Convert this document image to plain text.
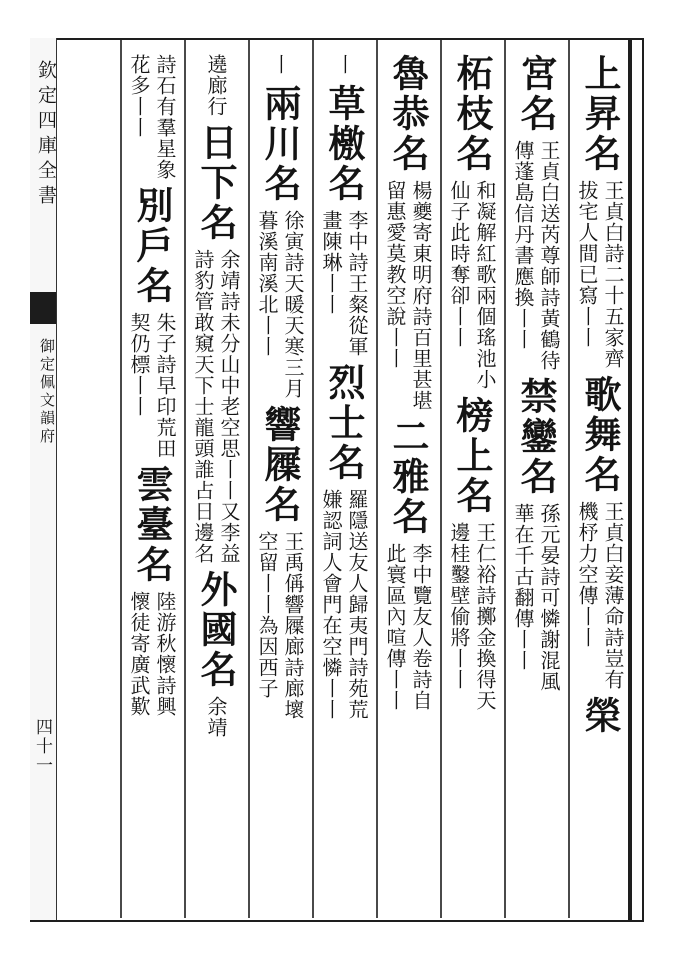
欽定四庫全書
御定佩文韻府
四十一
上昇名
王貞白詩二十五家齊
拔宅人間已寫丨丨
歌舞名
王貞白妾薄命詩豈有
機杼力空傳丨丨
榮
宮名
王貞白送芮尊師詩黃鶴待
傳蓬島信丹書應換丨丨
禁鑾名
孫元晏詩可憐謝混風
華在千古翻傳丨丨
柘枝名
和凝解紅歌兩個瑤池小
仙子此時奪卻丨丨
榜上名
王仁裕詩擲金換得天
邊桂鑿壁偷將丨丨
魯恭名
楊夔寄東明府詩百里甚堪
留惠愛莫教空說丨丨
二雅名
李中覽友人卷詩自
此寰區內喧傳丨丨
丨
草檄名
李中詩王粲從軍
畫陳琳丨丨
烈士名
羅隱送友人歸夷門詩苑荒
嫌認詞人會門在空憐丨丨
丨
兩川名
徐寅詩天暖天寒三月
暮溪南溪北丨丨
響屧名
王禹偁響屧廊詩廊壞
空留丨丨為因西子
遶廊行
日下名
余靖詩未分山中老空思丨丨又李益
詩豹管敢窺天下士龍頭誰占日邊名
外國名
余靖
詩石有羣星象
花多丨丨
別戶名
朱子詩早印荒田
契仍標丨丨
雲臺名
陸游秋懷詩興
懷徒寄廣武歎
